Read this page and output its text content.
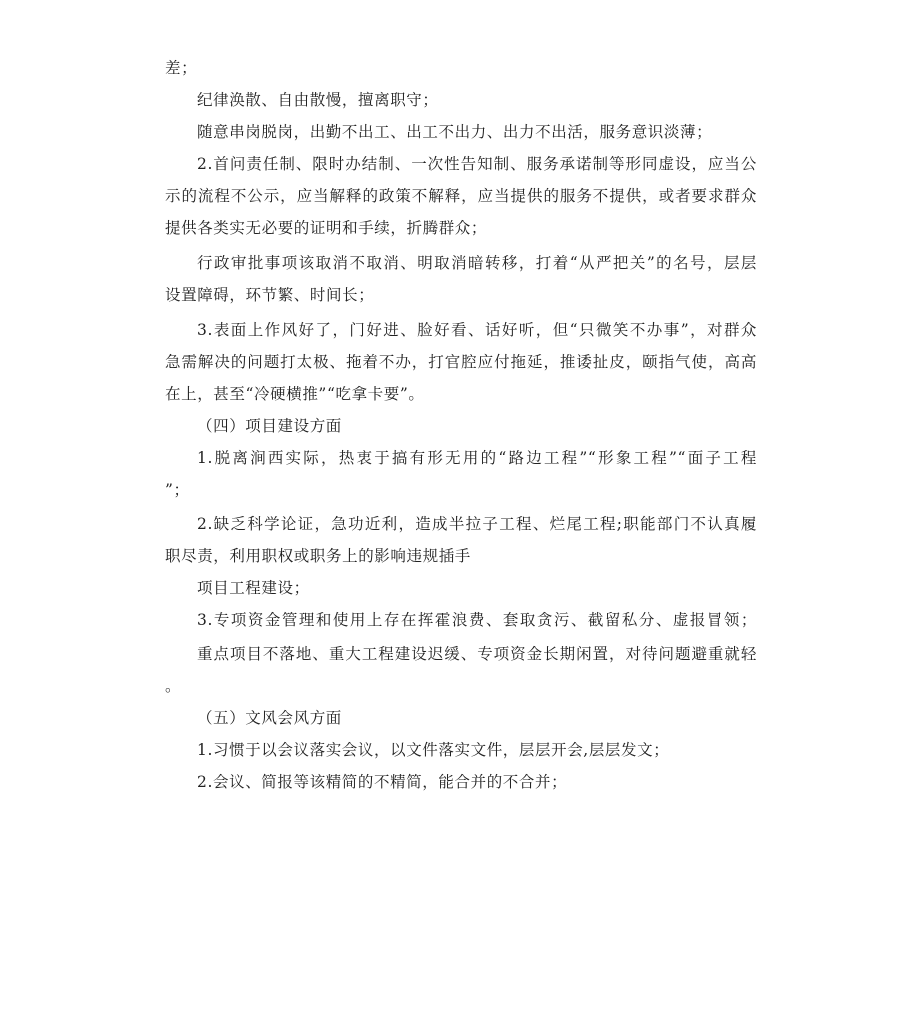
差；
纪律涣散、自由散慢，擅离职守；
随意串岗脱岗，出勤不出工、出工不出力、出力不出活，服务意识淡薄；
2.首问责任制、限时办结制、一次性告知制、服务承诺制等形同虚设，应当公
示的流程不公示，应当解释的政策不解释，应当提供的服务不提供，或者要求群众
提供各类实无必要的证明和手续，折腾群众；
行政审批事项该取消不取消、明取消暗转移，打着“从严把关”的名号，层层
设置障碍，环节繁、时间长；
3.表面上作风好了，门好进、脸好看、话好听，但“只微笑不办事”，对群众
急需解决的问题打太极、拖着不办，打官腔应付拖延，推诿扯皮，颐指气使，高高
在上，甚至“冷硬横推”“吃拿卡要”。
（四）项目建设方面
1.脱离涧西实际，热衷于搞有形无用的“路边工程”“形象工程”“面子工程
”；
2.缺乏科学论证，急功近利，造成半拉子工程、烂尾工程;职能部门不认真履
职尽责，利用职权或职务上的影响违规插手
项目工程建设；
3.专项资金管理和使用上存在挥霍浪费、套取贪污、截留私分、虚报冒领；
重点项目不落地、重大工程建设迟缓、专项资金长期闲置，对待问题避重就轻
。
（五）文风会风方面
1.习惯于以会议落实会议，以文件落实文件，层层开会,层层发文；
2.会议、简报等该精简的不精简，能合并的不合并；
